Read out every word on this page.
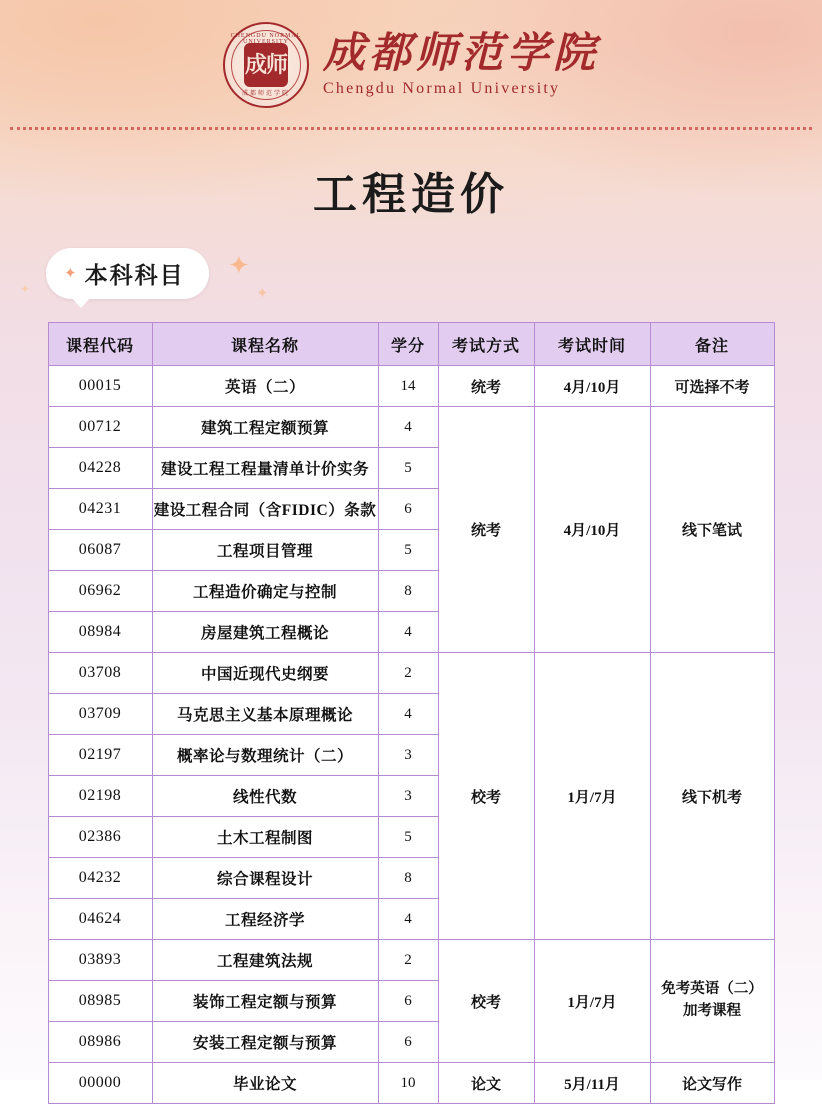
CHENGDU NORMAL UNIVERSITY
成师
成都师范学院
成都师范学院
Chengdu Normal University
工程造价
✦
✦
✦
✦ 本科科目
课程代码	课程名称	学分	考试方式	考试时间	备注
00015	英语（二）	14	统考	4月/10月	可选择不考
00712	建筑工程定额预算	4	统考	4月/10月	线下笔试
04228	建设工程工程量清单计价实务	5			
04231	建设工程合同（含FIDIC）条款	6			
06087	工程项目管理	5			
06962	工程造价确定与控制	8			
08984	房屋建筑工程概论	4			
03708	中国近现代史纲要	2	校考	1月/7月	线下机考
03709	马克思主义基本原理概论	4			
02197	概率论与数理统计（二）	3			
02198	线性代数	3			
02386	土木工程制图	5			
04232	综合课程设计	8			
04624	工程经济学	4			
03893	工程建筑法规	2	校考	1月/7月	免考英语（二）加考课程
08985	装饰工程定额与预算	6			
08986	安装工程定额与预算	6			
00000	毕业论文	10	论文	5月/11月	论文写作
